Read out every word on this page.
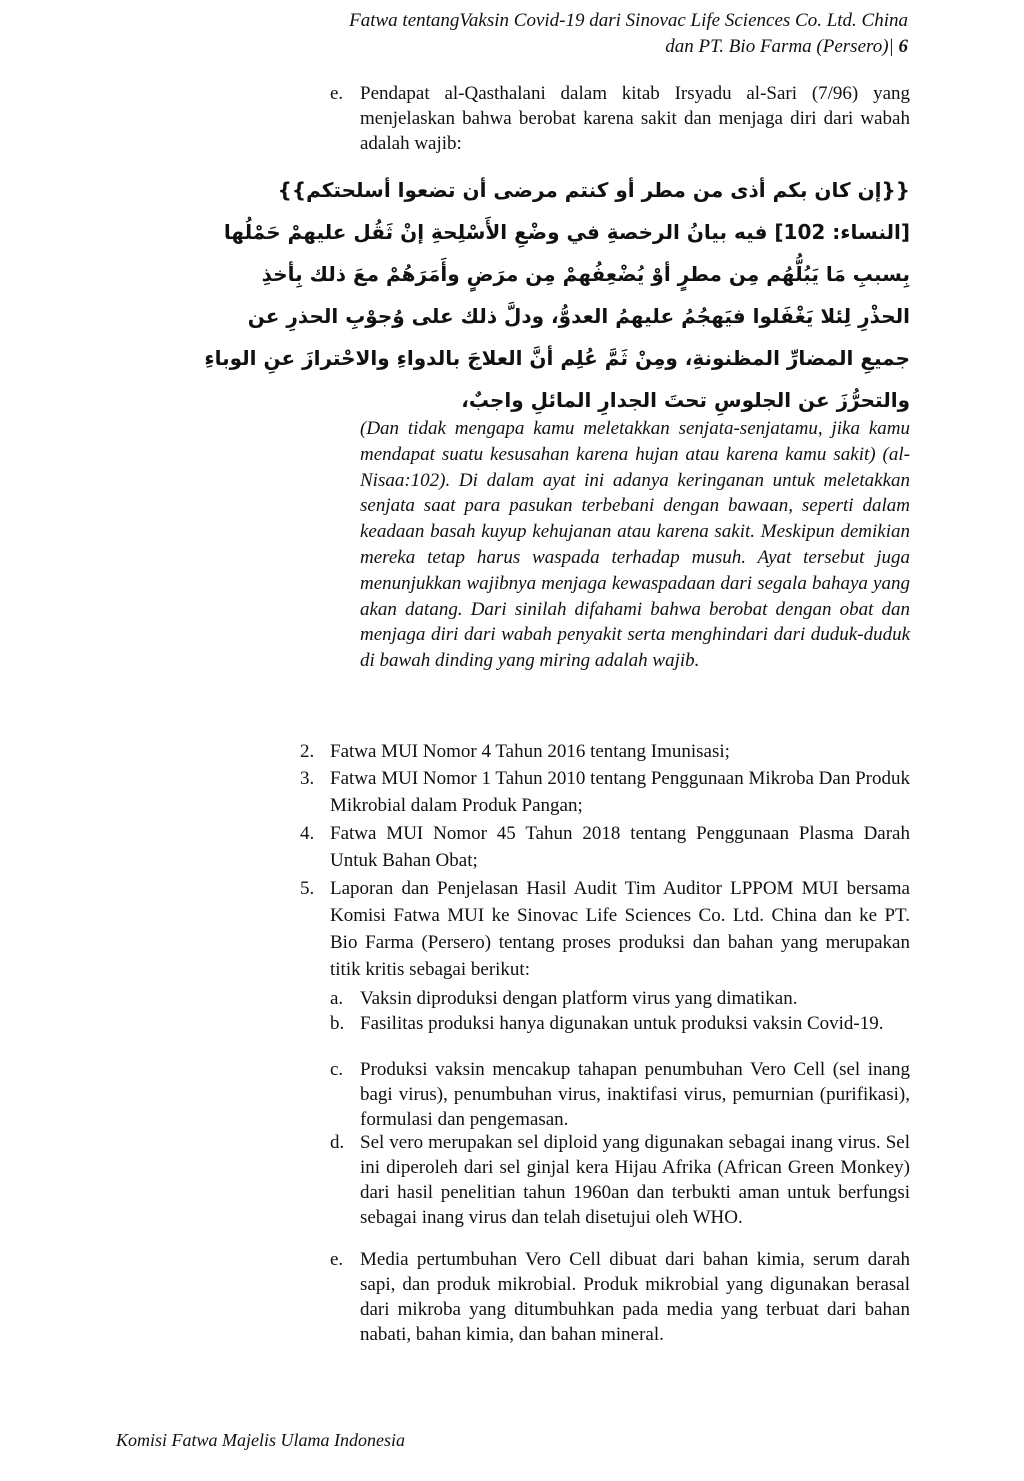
Fatwa tentangVaksin Covid-19 dari Sinovac Life Sciences Co. Ltd. China
dan PT. Bio Farma (Persero)| 6
e. Pendapat al-Qasthalani dalam kitab Irsyadu al-Sari (7/96) yang menjelaskan bahwa berobat karena sakit dan menjaga diri dari wabah adalah wajib:
{{إن كان بكم أذى من مطر أو كنتم مرضى أن تضعوا أسلحتكم}}
[النساء: 102] فيه بيانُ الرخصةِ في وضْعِ الأَسْلِحةِ إنْ ثَقُل عليهمْ حَمْلُها
بِسببِ مَا يَبُلُّهُم مِن مطرٍ أوْ يُضْعِفُهمْ مِن مرَضٍ وأَمَرَهُمْ معَ ذلك بِأخذِ
الحذْرِ لِئلا يَغْفَلوا فيَهجُمُ عليهمُ العدوُّ، ودلَّ ذلك على وُجوْبِ الحذرِ عن
جميعِ المضارِّ المظنونةِ، ومِنْ ثَمَّ عُلِم أنَّ العلاجَ بالدواءِ والاحْترازَ عنِ الوباءِ
والتحرُّزَ عن الجلوسِ تحتَ الجدارِ المائلِ واجبٌ،
(Dan tidak mengapa kamu meletakkan senjata-senjatamu, jika kamu mendapat suatu kesusahan karena hujan atau karena kamu sakit) (al-Nisaa:102). Di dalam ayat ini adanya keringanan untuk meletakkan senjata saat para pasukan terbebani dengan bawaan, seperti dalam keadaan basah kuyup kehujanan atau karena sakit. Meskipun demikian mereka tetap harus waspada terhadap musuh. Ayat tersebut juga menunjukkan wajibnya menjaga kewaspadaan dari segala bahaya yang akan datang. Dari sinilah difahami bahwa berobat dengan obat dan menjaga diri dari wabah penyakit serta menghindari dari duduk-duduk di bawah dinding yang miring adalah wajib.
2. Fatwa MUI Nomor 4 Tahun 2016 tentang Imunisasi;
3. Fatwa MUI Nomor 1 Tahun 2010 tentang Penggunaan Mikroba Dan Produk Mikrobial dalam Produk Pangan;
4. Fatwa MUI Nomor 45 Tahun 2018 tentang Penggunaan Plasma Darah Untuk Bahan Obat;
5. Laporan dan Penjelasan Hasil Audit Tim Auditor LPPOM MUI bersama Komisi Fatwa MUI ke Sinovac Life Sciences Co. Ltd. China dan ke PT. Bio Farma (Persero) tentang proses produksi dan bahan yang merupakan titik kritis sebagai berikut:
a. Vaksin diproduksi dengan platform virus yang dimatikan.
b. Fasilitas produksi hanya digunakan untuk produksi vaksin Covid-19.
c. Produksi vaksin mencakup tahapan penumbuhan Vero Cell (sel inang bagi virus), penumbuhan virus, inaktifasi virus, pemurnian (purifikasi), formulasi dan pengemasan.
d. Sel vero merupakan sel diploid yang digunakan sebagai inang virus. Sel ini diperoleh dari sel ginjal kera Hijau Afrika (African Green Monkey) dari hasil penelitian tahun 1960an dan terbukti aman untuk berfungsi sebagai inang virus dan telah disetujui oleh WHO.
e. Media pertumbuhan Vero Cell dibuat dari bahan kimia, serum darah sapi, dan produk mikrobial. Produk mikrobial yang digunakan berasal dari mikroba yang ditumbuhkan pada media yang terbuat dari bahan nabati, bahan kimia, dan bahan mineral.
Komisi Fatwa Majelis Ulama Indonesia
